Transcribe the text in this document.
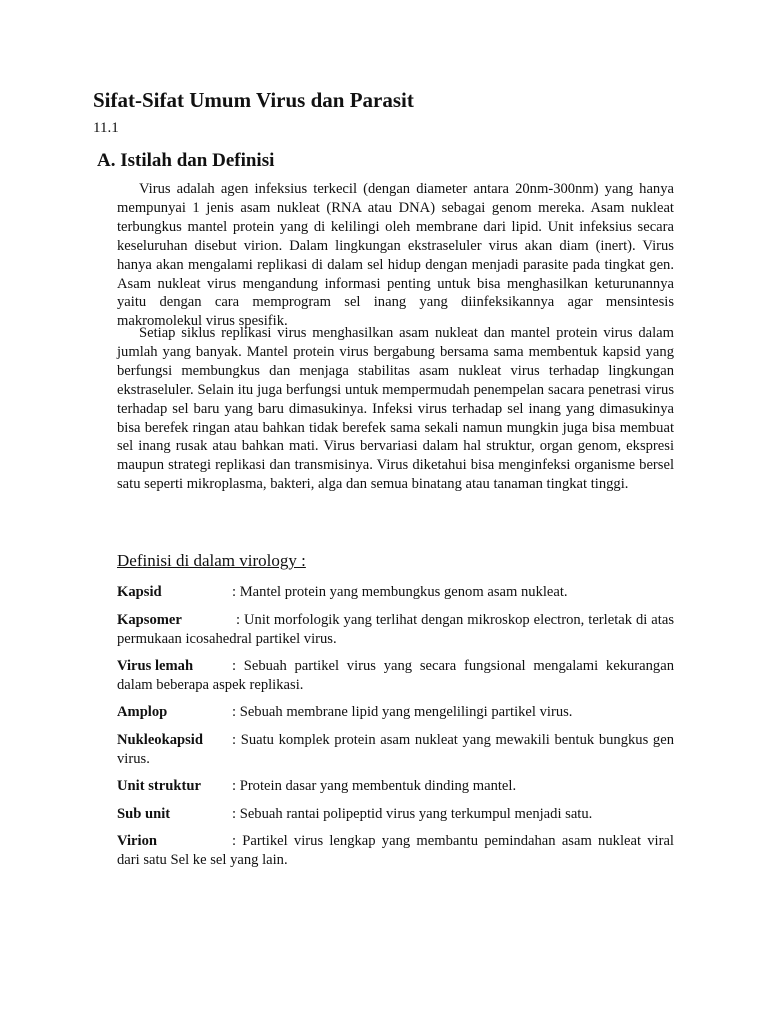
Sifat-Sifat Umum Virus dan Parasit

11.1

A. Istilah dan Definisi

Virus adalah agen infeksius terkecil (dengan diameter antara 20nm-300nm) yang hanya mempunyai 1 jenis asam nukleat (RNA atau DNA) sebagai genom mereka. Asam nukleat terbungkus mantel protein yang di kelilingi oleh membrane dari lipid. Unit infeksius secara keseluruhan disebut virion. Dalam lingkungan ekstraseluler virus akan diam (inert). Virus hanya akan mengalami replikasi di dalam sel hidup dengan menjadi parasite pada tingkat gen. Asam nukleat virus mengandung informasi penting untuk bisa menghasilkan keturunannya yaitu dengan cara memprogram sel inang yang diinfeksikannya agar mensintesis makromolekul virus spesifik.

Setiap siklus replikasi virus menghasilkan asam nukleat dan mantel protein virus dalam jumlah yang banyak. Mantel protein virus bergabung bersama sama membentuk kapsid yang berfungsi membungkus dan menjaga stabilitas asam nukleat virus terhadap lingkungan ekstraseluler. Selain itu juga berfungsi untuk mempermudah penempelan sacara penetrasi virus terhadap sel baru yang baru dimasukinya. Infeksi virus terhadap sel inang yang dimasukinya bisa berefek ringan atau bahkan tidak berefek sama sekali namun mungkin juga bisa membuat sel inang rusak atau bahkan mati. Virus bervariasi dalam hal struktur, organ genom, ekspresi maupun strategi replikasi dan transmisinya. Virus diketahui bisa menginfeksi organisme bersel satu seperti mikroplasma, bakteri, alga dan semua binatang atau tanaman tingkat tinggi.

Definisi di dalam virology :

Kapsid	: Mantel protein yang membungkus genom asam nukleat.

Kapsomer	: Unit morfologik yang terlihat dengan mikroskop electron, terletak di atas permukaan icosahedral partikel virus.

Virus lemah	: Sebuah partikel virus yang secara fungsional mengalami kekurangan dalam beberapa aspek replikasi.

Amplop	: Sebuah membrane lipid yang mengelilingi partikel virus.

Nukleokapsid : Suatu komplek protein asam nukleat yang mewakili bentuk bungkus gen virus.

Unit struktur : Protein dasar yang membentuk dinding mantel.

Sub unit	: Sebuah rantai polipeptid virus yang terkumpul menjadi satu.

Virion	: Partikel virus lengkap yang membantu pemindahan asam nukleat viral dari satu Sel ke sel yang lain.
